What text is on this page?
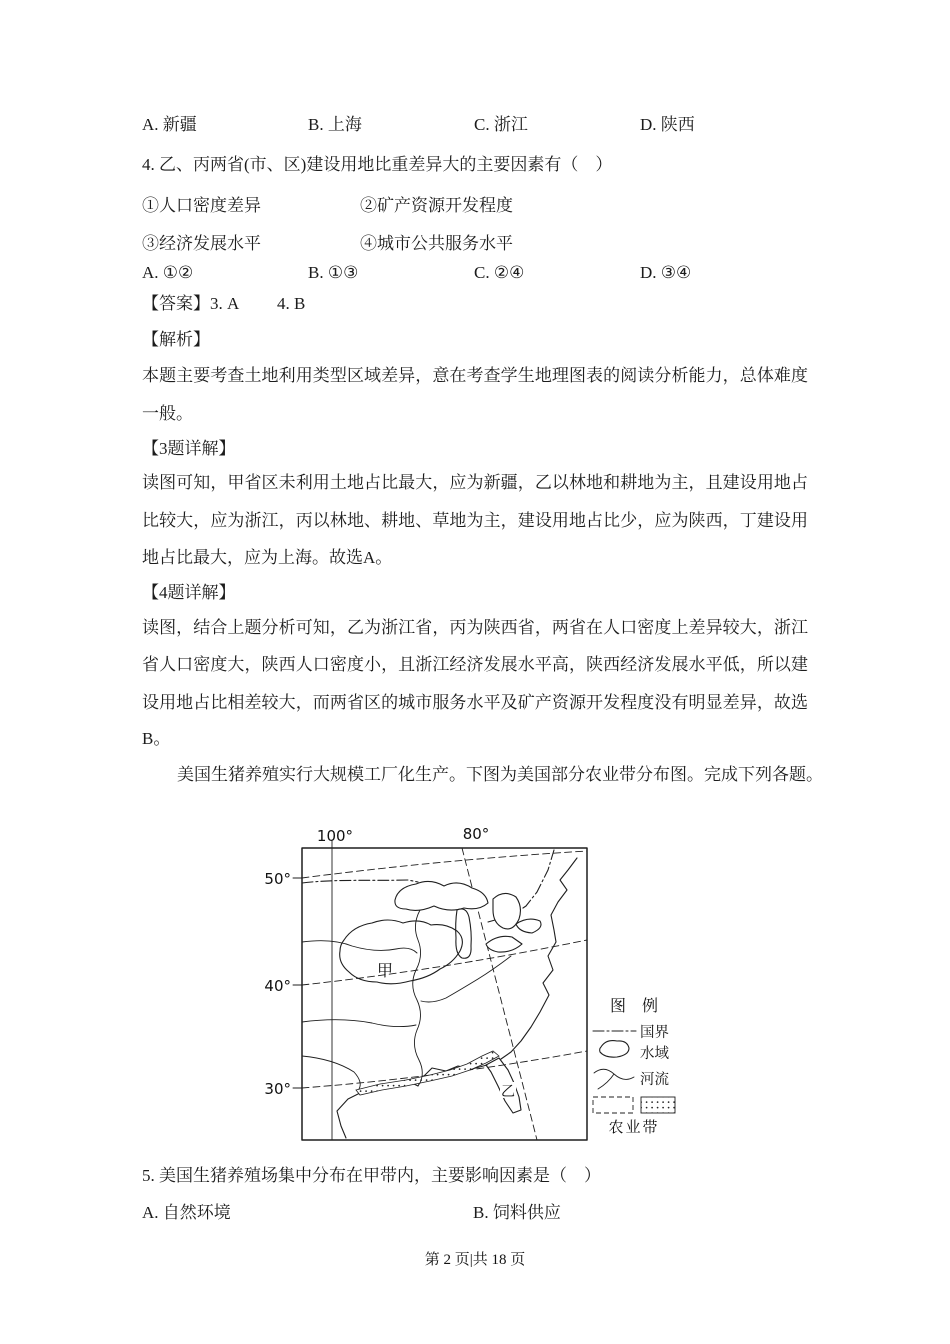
A. 新疆	B. 上海	C. 浙江	D. 陕西
4. 乙、丙两省(市、区)建设用地比重差异大的主要因素有（　）
①人口密度差异	②矿产资源开发程度
③经济发展水平	④城市公共服务水平
A. ①②	B. ①③	C. ②④	D. ③④
【答案】3. A	4. B
【解析】
本题主要考查土地利用类型区域差异，意在考查学生地理图表的阅读分析能力，总体难度
一般。
【3题详解】
读图可知，甲省区未利用土地占比最大，应为新疆，乙以林地和耕地为主，且建设用地占
比较大，应为浙江，丙以林地、耕地、草地为主，建设用地占比少，应为陕西，丁建设用
地占比最大，应为上海。故选A。
【4题详解】
读图，结合上题分析可知，乙为浙江省，丙为陕西省，两省在人口密度上差异较大，浙江
省人口密度大，陕西人口密度小，且浙江经济发展水平高，陕西经济发展水平低，所以建
设用地占比相差较大，而两省区的城市服务水平及矿产资源开发程度没有明显差异，故选
B。
美国生猪养殖实行大规模工厂化生产。下图为美国部分农业带分布图。完成下列各题。
100°	80°
50°
40°
30°
甲
乙
图 例
国界
水域
河流
农业带
5. 美国生猪养殖场集中分布在甲带内，主要影响因素是（　）
A. 自然环境	B. 饲料供应
第 2 页|共 18 页
